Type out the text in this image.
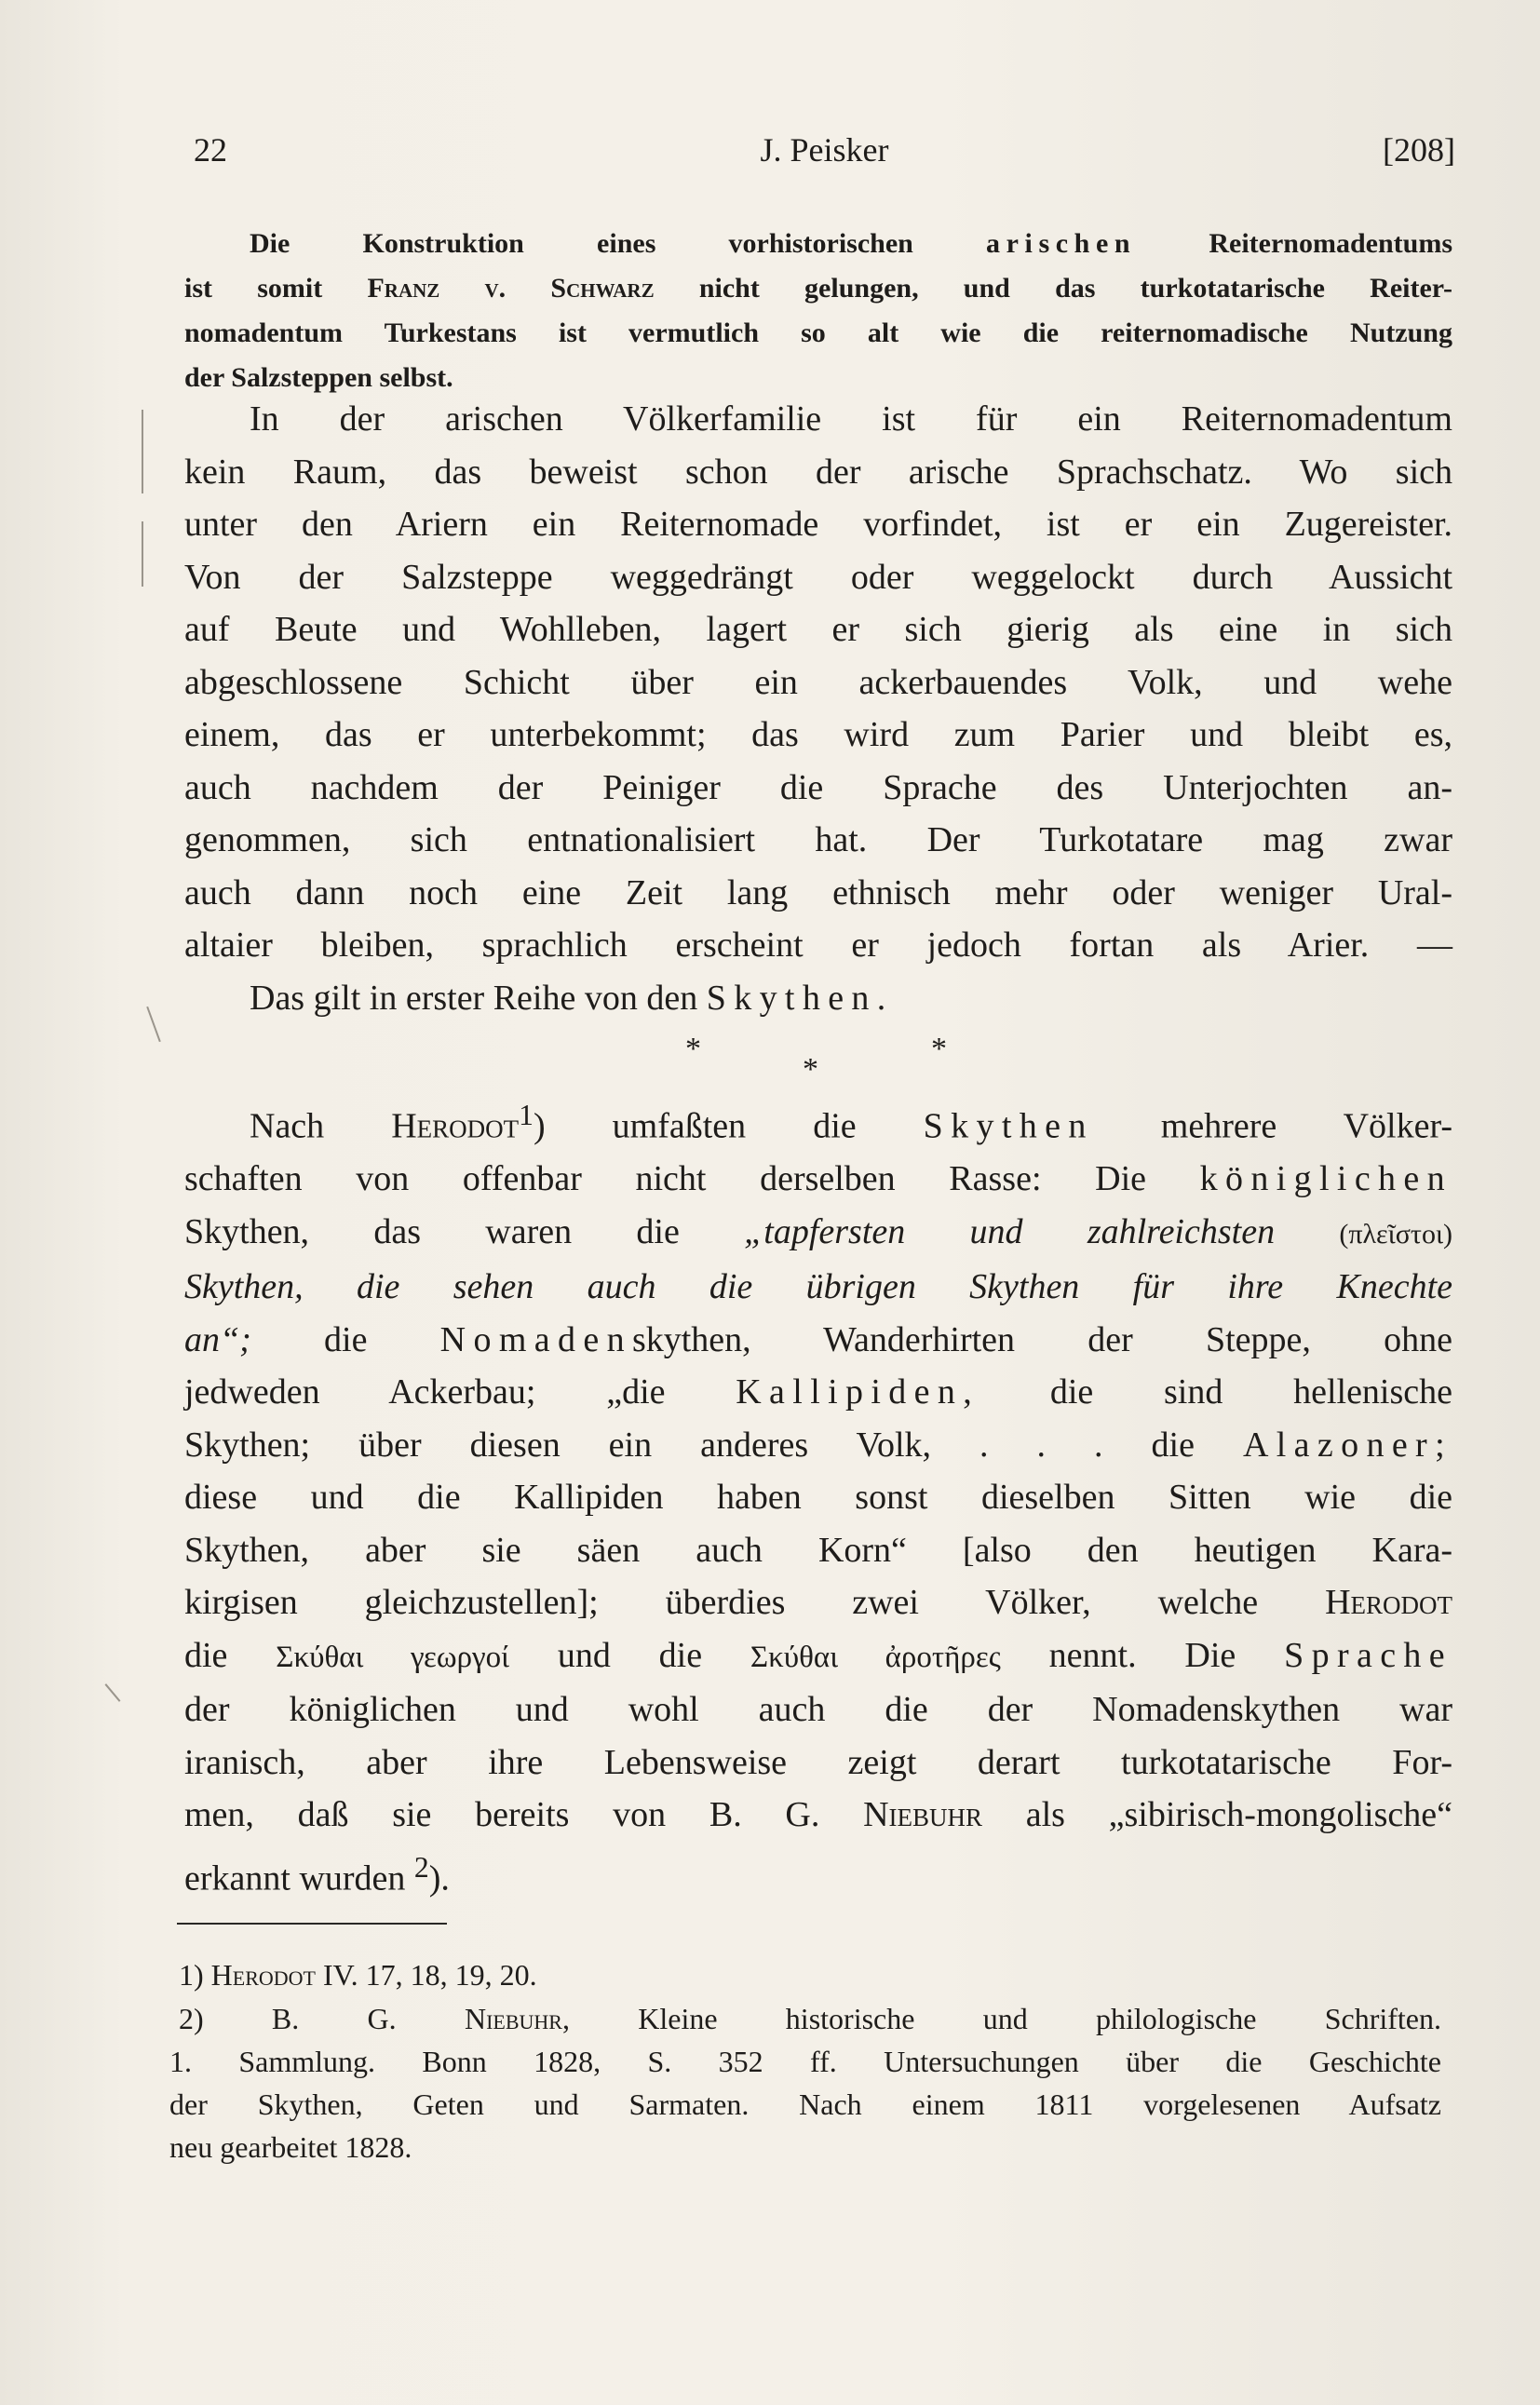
22	J. Peisker	[208]
Die Konstruktion eines vorhistorischen	arischen	Reiternomadentums
ist somit Franz v. Schwarz nicht gelungen, und das turkotatarische Reiter-
nomadentum Turkestans ist vermutlich so alt wie die reiternomadische Nutzung
der Salzsteppen selbst.
In der arischen Völkerfamilie ist für ein Reiternomadentum
kein Raum, das beweist schon der arische Sprachschatz. Wo sich
unter den Ariern ein Reiternomade vorfindet, ist er ein Zugereister.
Von der Salzsteppe weggedrängt oder weggelockt durch Aussicht
auf Beute und Wohlleben, lagert er sich gierig als eine in sich
abgeschlossene Schicht über ein ackerbauendes Volk, und wehe
einem, das er unterbekommt; das wird zum Parier und bleibt es,
auch nachdem der Peiniger die Sprache des Unterjochten an-
genommen, sich entnationalisiert hat. Der Turkotatare mag zwar
auch dann noch eine Zeit lang ethnisch mehr oder weniger Ural-
altaier bleiben, sprachlich erscheint er jedoch fortan als Arier. —
Das gilt in erster Reihe von den Skythen.
*
*
*
Nach Herodot$^1$) umfaßten die Skythen mehrere Völker-
schaften von offenbar nicht derselben Rasse: Die königlichen
Skythen, das waren die „tapfersten und zahlreichsten (πλεῖστοι)
Skythen, die sehen auch die übrigen Skythen für ihre Knechte
an“; die Nomadenskythen, Wanderhirten der Steppe, ohne
jedweden Ackerbau; „die Kallipiden, die sind hellenische
Skythen; über diesen ein anderes Volk, . . . die Alazoner;
diese und die Kallipiden haben sonst dieselben Sitten wie die
Skythen, aber sie säen auch Korn“ [also den heutigen Kara-
kirgisen gleichzustellen]; überdies zwei Völker, welche Herodot
die Σκύθαι γεωργοί und die Σκύθαι ἀροτῆρες nennt. Die Sprache
der königlichen und wohl auch die der Nomadenskythen war
iranisch, aber ihre Lebensweise zeigt derart turkotatarische For-
men, daß sie bereits von B. G. Niebuhr als „sibirisch-mongolische“
erkannt wurden $^2$).
1) Herodot IV. 17, 18, 19, 20.
2) B. G. Niebuhr, Kleine historische und philologische Schriften.
1. Sammlung. Bonn 1828, S. 352 ff. Untersuchungen über die Geschichte
der Skythen, Geten und Sarmaten. Nach einem 1811 vorgelesenen Aufsatz
neu gearbeitet 1828.
